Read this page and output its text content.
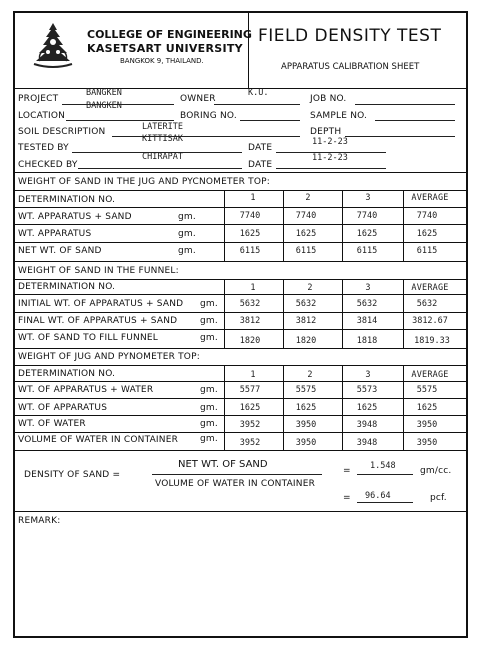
COLLEGE OF ENGINEERING
KASETSART UNIVERSITY
BANGKOK 9, THAILAND.
FIELD DENSITY TEST
APPARATUS CALIBRATION SHEET
PROJECT
BANGKEN
OWNER
K.U.
JOB NO.
LOCATION
BANGKEN
BORING NO.	SAMPLE NO.
SOIL DESCRIPTION	LATERITE	DEPTH
TESTED BY
KITTISAK
DATE
11-2-23
CHECKED BY
CHIRAPAT
DATE
11-2-23
WEIGHT OF SAND IN THE JUG AND PYCNOMETER TOP:
DETERMINATION NO.	1	2	3	AVERAGE
WT. APPARATUS + SAND	gm.	7740	7740	7740	7740
WT. APPARATUS	gm.	1625	1625	1625	1625
NET WT. OF SAND	gm.	6115	6115	6115	6115
WEIGHT OF SAND IN THE FUNNEL:
DETERMINATION NO.	1	2	3	AVERAGE
INITIAL WT. OF APPARATUS + SAND gm.	5632	5632	5632	5632
FINAL WT. OF APPARATUS + SAND	gm.	3812	3812	3814	3812.67
WT. OF SAND TO FILL FUNNEL	gm.	1820	1820	1818	1819.33
WEIGHT OF JUG AND PYNOMETER TOP:
DETERMINATION NO.	1	2	3	AVERAGE
WT. OF APPARATUS + WATER	gm.	5577	5575	5573	5575
WT. OF APPARATUS	gm.	1625	1625	1625	1625
WT. OF WATER	gm.	3952	3950	3948	3950
VOLUME OF WATER IN CONTAINER gm.	3952	3950	3948	3950
DENSITY OF SAND =
NET WT. OF SAND
VOLUME OF WATER IN CONTAINER
= 1.548	gm/cc.
= 96.64	pcf.
REMARK:
